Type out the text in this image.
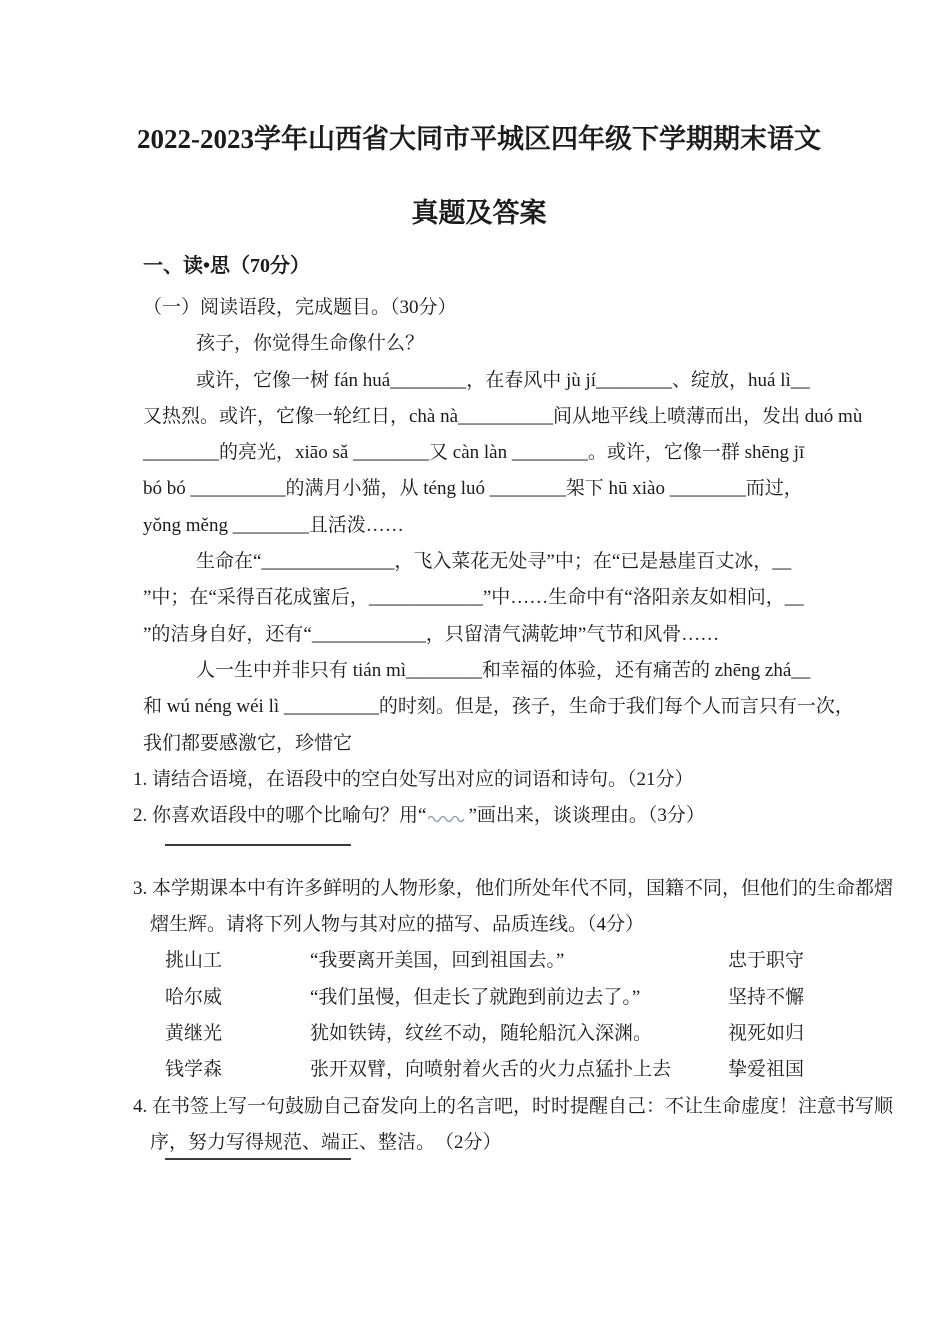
2022-2023学年山西省大同市平城区四年级下学期期末语文
真题及答案
一、读•思（70分）
（一）阅读语段，完成题目。（30分）
孩子，你觉得生命像什么？
或许，它像一树 fán huá________，在春风中 jù jí________、绽放，huá lì__
又热烈。或许，它像一轮红日，chà nà__________间从地平线上喷薄而出，发出 duó mù
________的亮光，xiāo sǎ ________又 càn làn ________。或许，它像一群 shēng jī
bó bó __________的满月小猫，从 téng luó ________架下 hū xiào ________而过，
yǒng měng ________且活泼……
生命在“______________，飞入菜花无处寻”中；在“已是悬崖百丈冰，__
”中；在“采得百花成蜜后，____________”中……生命中有“洛阳亲友如相问，__
”的洁身自好，还有“____________，只留清气满乾坤”气节和风骨……
人一生中并非只有 tián mì________和幸福的体验，还有痛苦的 zhēng zhá__
和 wú néng wéi lì __________的时刻。但是，孩子，生命于我们每个人而言只有一次，
我们都要感激它，珍惜它
1. 请结合语境，在语段中的空白处写出对应的词语和诗句。（21分）
2. 你喜欢语段中的哪个比喻句？用“ ”画出来，谈谈理由。（3分）
3. 本学期课本中有许多鲜明的人物形象，他们所处年代不同，国籍不同，但他们的生命都熠
熠生辉。请将下列人物与其对应的描写、品质连线。（4分）
挑山工	“我要离开美国，回到祖国去。”	忠于职守
哈尔威	“我们虽慢，但走长了就跑到前边去了。”	坚持不懈
黄继光	犹如铁铸，纹丝不动，随轮船沉入深渊。	视死如归
钱学森	张开双臂，向喷射着火舌的火力点猛扑上去	挚爱祖国
4. 在书签上写一句鼓励自己奋发向上的名言吧，时时提醒自己：不让生命虚度！注意书写顺
序，努力写得规范、端正、整洁。　（2分）
